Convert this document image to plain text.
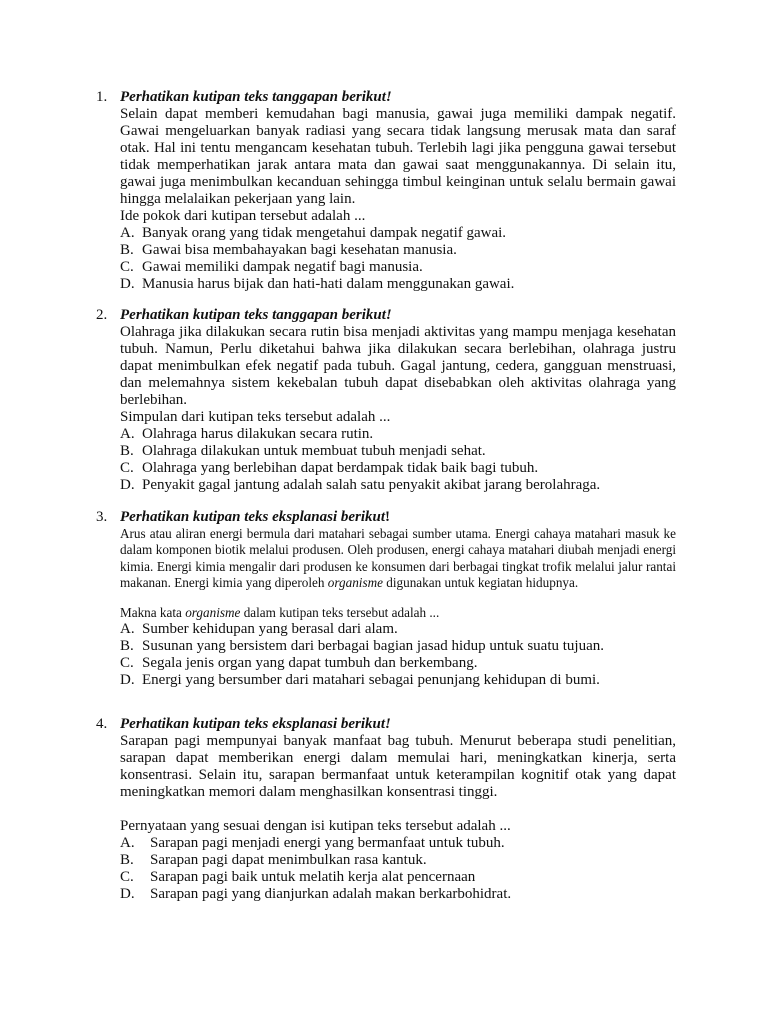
1. Perhatikan kutipan teks tanggapan berikut!
Selain dapat memberi kemudahan bagi manusia, gawai juga memiliki dampak negatif. Gawai mengeluarkan banyak radiasi yang secara tidak langsung merusak mata dan saraf otak. Hal ini tentu mengancam kesehatan tubuh. Terlebih lagi jika pengguna gawai tersebut tidak memperhatikan jarak antara mata dan gawai saat menggunakannya. Di selain itu, gawai juga menimbulkan kecanduan sehingga timbul keinginan untuk selalu bermain gawai hingga melalaikan pekerjaan yang lain.
Ide pokok dari kutipan tersebut adalah ...
A. Banyak orang yang tidak mengetahui dampak negatif gawai.
B. Gawai bisa membahayakan bagi kesehatan manusia.
C. Gawai memiliki dampak negatif bagi manusia.
D. Manusia harus bijak dan hati-hati dalam menggunakan gawai.
2. Perhatikan kutipan teks tanggapan berikut!
Olahraga jika dilakukan secara rutin bisa menjadi aktivitas yang mampu menjaga kesehatan tubuh. Namun, Perlu diketahui bahwa jika dilakukan secara berlebihan, olahraga justru dapat menimbulkan efek negatif pada tubuh. Gagal jantung, cedera, gangguan menstruasi, dan melemahnya sistem kekebalan tubuh dapat disebabkan oleh aktivitas olahraga yang berlebihan.
Simpulan dari kutipan teks tersebut adalah ...
A. Olahraga harus dilakukan secara rutin.
B. Olahraga dilakukan untuk membuat tubuh menjadi sehat.
C. Olahraga yang berlebihan dapat berdampak tidak baik bagi tubuh.
D. Penyakit gagal jantung adalah salah satu penyakit akibat jarang berolahraga.
3. Perhatikan kutipan teks eksplanasi berikut!
Arus atau aliran energi bermula dari matahari sebagai sumber utama. Energi cahaya matahari masuk ke dalam komponen biotik melalui produsen. Oleh produsen, energi cahaya matahari diubah menjadi energi kimia. Energi kimia mengalir dari produsen ke konsumen dari berbagai tingkat trofik melalui jalur rantai makanan. Energi kimia yang diperoleh organisme digunakan untuk kegiatan hidupnya.
Makna kata organisme dalam kutipan teks tersebut adalah ...
A. Sumber kehidupan yang berasal dari alam.
B. Susunan yang bersistem dari berbagai bagian jasad hidup untuk suatu tujuan.
C. Segala jenis organ yang dapat tumbuh dan berkembang.
D. Energi yang bersumber dari matahari sebagai penunjang kehidupan di bumi.
4. Perhatikan kutipan teks eksplanasi berikut!
Sarapan pagi mempunyai banyak manfaat bag tubuh. Menurut beberapa studi penelitian, sarapan dapat memberikan energi dalam memulai hari, meningkatkan kinerja, serta konsentrasi. Selain itu, sarapan bermanfaat untuk keterampilan kognitif otak yang dapat meningkatkan memori dalam menghasilkan konsentrasi tinggi.
Pernyataan yang sesuai dengan isi kutipan teks tersebut adalah ...
A. Sarapan pagi menjadi energi yang bermanfaat untuk tubuh.
B. Sarapan pagi dapat menimbulkan rasa kantuk.
C. Sarapan pagi baik untuk melatih kerja alat pencernaan
D. Sarapan pagi yang dianjurkan adalah makan berkarbohidrat.
